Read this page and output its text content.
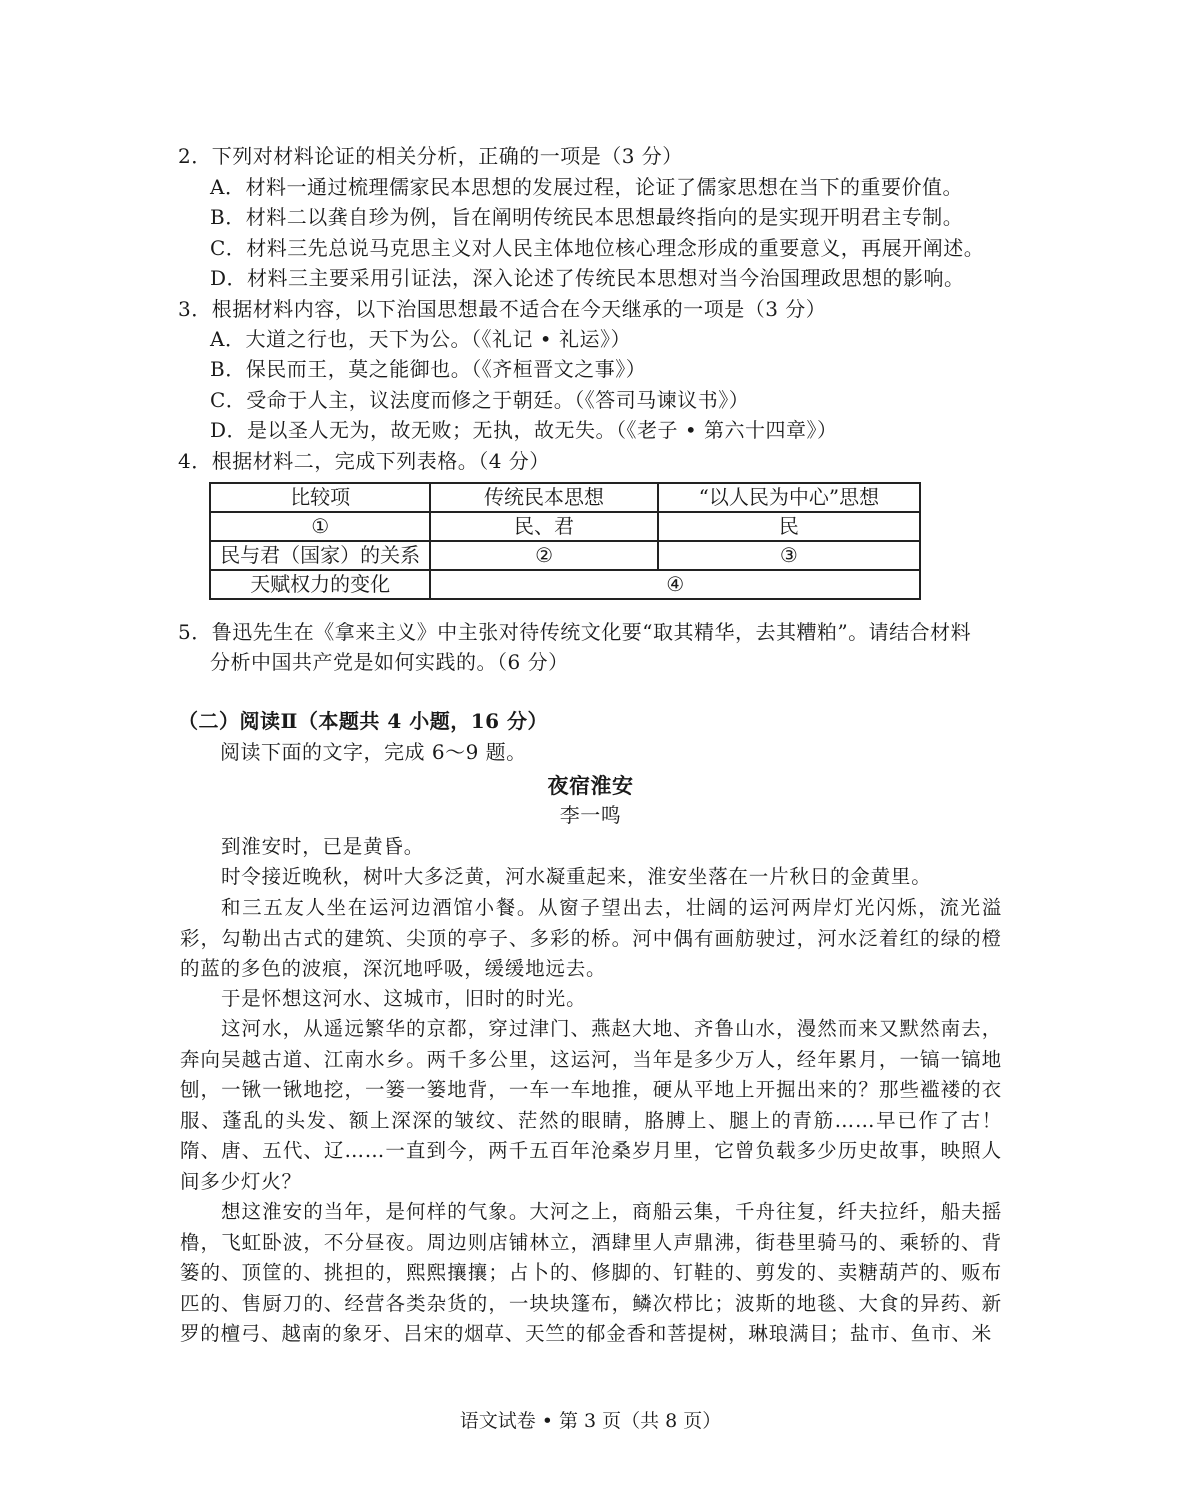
2．下列对材料论证的相关分析，正确的一项是（3 分）
A．材料一通过梳理儒家民本思想的发展过程，论证了儒家思想在当下的重要价值。
B．材料二以龚自珍为例，旨在阐明传统民本思想最终指向的是实现开明君主专制。
C．材料三先总说马克思主义对人民主体地位核心理念形成的重要意义，再展开阐述。
D．材料三主要采用引证法，深入论述了传统民本思想对当今治国理政思想的影响。
3．根据材料内容，以下治国思想最不适合在今天继承的一项是（3 分）
A．大道之行也，天下为公。（《礼记 • 礼运》）
B．保民而王，莫之能御也。（《齐桓晋文之事》）
C．受命于人主，议法度而修之于朝廷。（《答司马谏议书》）
D．是以圣人无为，故无败；无执，故无失。（《老子 • 第六十四章》）
4．根据材料二，完成下列表格。（4 分）
比较项	传统民本思想	“以人民为中心”思想
①	民、君	民
民与君（国家）的关系	②	③
天赋权力的变化	④	
5．鲁迅先生在《拿来主义》中主张对待传统文化要“取其精华，去其糟粕”。请结合材料
分析中国共产党是如何实践的。（6 分）
（二）阅读Ⅱ（本题共 4 小题，16 分）
阅读下面的文字，完成 6～9 题。
夜宿淮安
李一鸣
到淮安时，已是黄昏。
时令接近晚秋，树叶大多泛黄，河水凝重起来，淮安坐落在一片秋日的金黄里。
和三五友人坐在运河边酒馆小餐。从窗子望出去，壮阔的运河两岸灯光闪烁，流光溢彩，勾勒出古式的建筑、尖顶的亭子、多彩的桥。河中偶有画舫驶过，河水泛着红的绿的橙的蓝的多色的波痕，深沉地呼吸，缓缓地远去。
于是怀想这河水、这城市，旧时的时光。
这河水，从遥远繁华的京都，穿过津门、燕赵大地、齐鲁山水，漫然而来又默然南去，奔向吴越古道、江南水乡。两千多公里，这运河，当年是多少万人，经年累月，一镐一镐地刨，一锹一锹地挖，一篓一篓地背，一车一车地推，硬从平地上开掘出来的？那些褴褛的衣服、蓬乱的头发、额上深深的皱纹、茫然的眼睛，胳膊上、腿上的青筋……早已作了古！隋、唐、五代、辽……一直到今，两千五百年沧桑岁月里，它曾负载多少历史故事，映照人间多少灯火？
想这淮安的当年，是何样的气象。大河之上，商船云集，千舟往复，纤夫拉纤，船夫摇橹，飞虹卧波，不分昼夜。周边则店铺林立，酒肆里人声鼎沸，街巷里骑马的、乘轿的、背篓的、顶筐的、挑担的，熙熙攘攘；占卜的、修脚的、钉鞋的、剪发的、卖糖葫芦的、贩布匹的、售厨刀的、经营各类杂货的，一块块篷布，鳞次栉比；波斯的地毯、大食的异药、新罗的檀弓、越南的象牙、吕宋的烟草、天竺的郁金香和菩提树，琳琅满目；盐市、鱼市、米
语文试卷 • 第 3 页（共 8 页）
